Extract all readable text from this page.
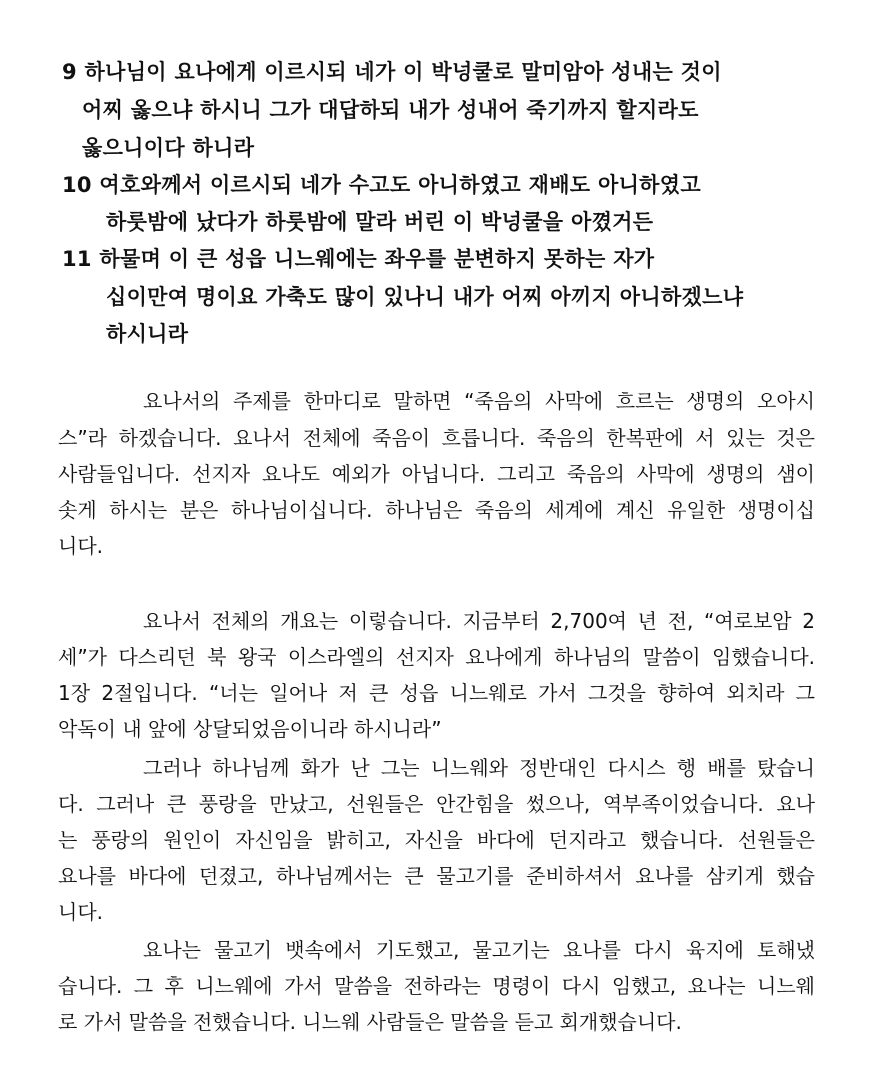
9 하나님이 요나에게 이르시되 네가 이 박넝쿨로 말미암아 성내는 것이
어찌 옳으냐 하시니 그가 대답하되 내가 성내어 죽기까지 할지라도
옳으니이다 하니라
10 여호와께서 이르시되 네가 수고도 아니하였고 재배도 아니하였고
하룻밤에 났다가 하룻밤에 말라 버린 이 박넝쿨을 아꼈거든
11 하물며 이 큰 성읍 니느웨에는 좌우를 분변하지 못하는 자가
십이만여 명이요 가축도 많이 있나니 내가 어찌 아끼지 아니하겠느냐
하시니라
요나서의 주제를 한마디로 말하면 “죽음의 사막에 흐르는 생명의 오아시
스”라 하겠습니다. 요나서 전체에 죽음이 흐릅니다. 죽음의 한복판에 서 있는 것은
사람들입니다. 선지자 요나도 예외가 아닙니다. 그리고 죽음의 사막에 생명의 샘이
솟게 하시는 분은 하나님이십니다. 하나님은 죽음의 세계에 계신 유일한 생명이십
니다.
요나서 전체의 개요는 이렇습니다. 지금부터 2,700여 년 전, “여로보암 2
세”가 다스리던 북 왕국 이스라엘의 선지자 요나에게 하나님의 말씀이 임했습니다.
1장 2절입니다. “너는 일어나 저 큰 성읍 니느웨로 가서 그것을 향하여 외치라 그
악독이 내 앞에 상달되었음이니라 하시니라”
그러나 하나님께 화가 난 그는 니느웨와 정반대인 다시스 행 배를 탔습니
다. 그러나 큰 풍랑을 만났고, 선원들은 안간힘을 썼으나, 역부족이었습니다. 요나
는 풍랑의 원인이 자신임을 밝히고, 자신을 바다에 던지라고 했습니다. 선원들은
요나를 바다에 던졌고, 하나님께서는 큰 물고기를 준비하셔서 요나를 삼키게 했습
니다.
요나는 물고기 뱃속에서 기도했고, 물고기는 요나를 다시 육지에 토해냈
습니다. 그 후 니느웨에 가서 말씀을 전하라는 명령이 다시 임했고, 요나는 니느웨
로 가서 말씀을 전했습니다. 니느웨 사람들은 말씀을 듣고 회개했습니다.
